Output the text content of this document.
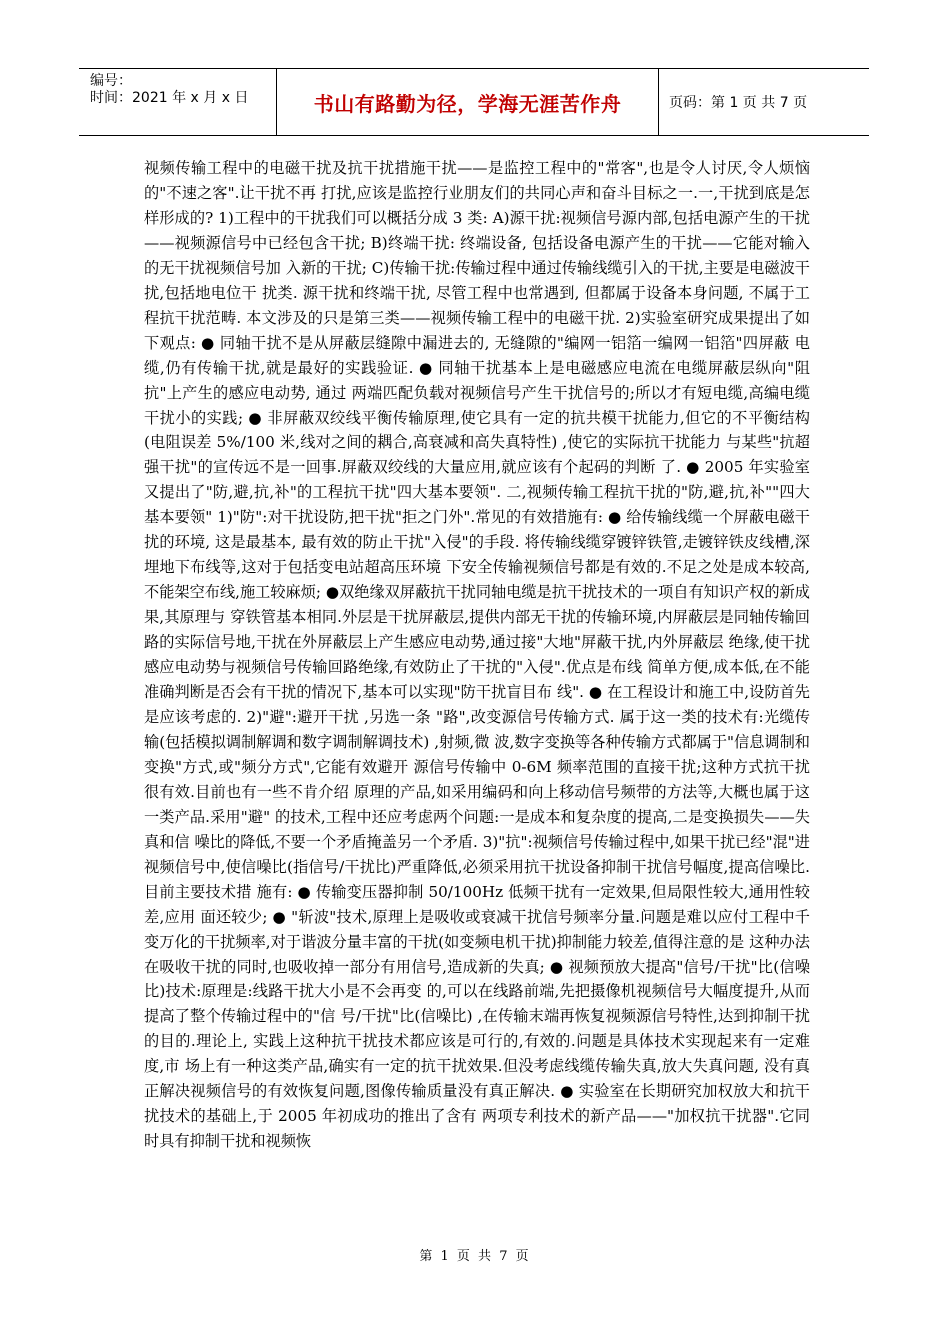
编号：
时间：2021 年 x 月 x 日	书山有路勤为径，学海无涯苦作舟	页码：第 1 页 共 7 页
视频传输工程中的电磁干扰及抗干扰措施干扰——是监控工程中的"常客",也是令人讨厌,令人烦恼的"不速之客".让干扰不再 打扰,应该是监控行业朋友们的共同心声和奋斗目标之一.一,干扰到底是怎样形成的? 1)工程中的干扰我们可以概括分成 3 类: A)源干扰:视频信号源内部,包括电源产生的干扰——视频源信号中已经包含干扰; B)终端干扰: 终端设备, 包括设备电源产生的干扰——它能对输入的无干扰视频信号加 入新的干扰; C)传输干扰:传输过程中通过传输线缆引入的干扰,主要是电磁波干扰,包括地电位干 扰类. 源干扰和终端干扰, 尽管工程中也常遇到, 但都属于设备本身问题, 不属于工程抗干扰范畴. 本文涉及的只是第三类——视频传输工程中的电磁干扰. 2)实验室研究成果提出了如下观点: ● 同轴干扰不是从屏蔽层缝隙中漏进去的, 无缝隙的"编网一铝箔一编网一铝箔"四屏蔽 电缆,仍有传输干扰,就是最好的实践验证. ● 同轴干扰基本上是电磁感应电流在电缆屏蔽层纵向"阻抗"上产生的感应电动势, 通过 两端匹配负载对视频信号产生干扰信号的;所以才有短电缆,高编电缆干扰小的实践; ● 非屏蔽双绞线平衡传输原理,使它具有一定的抗共模干扰能力,但它的不平衡结构(电阻误差 5%/100 米,线对之间的耦合,高衰减和高失真特性) ,使它的实际抗干扰能力 与某些"抗超强干扰"的宣传远不是一回事.屏蔽双绞线的大量应用,就应该有个起码的判断 了. ● 2005 年实验室又提出了"防,避,抗,补"的工程抗干扰"四大基本要领". 二,视频传输工程抗干扰的"防,避,抗,补""四大基本要领" 1)"防":对干扰设防,把干扰"拒之门外".常见的有效措施有: ● 给传输线缆一个屏蔽电磁干扰的环境, 这是最基本, 最有效的防止干扰"入侵"的手段. 将传输线缆穿镀锌铁管,走镀锌铁皮线槽,深埋地下布线等,这对于包括变电站超高压环境 下安全传输视频信号都是有效的.不足之处是成本较高,不能架空布线,施工较麻烦; ●双绝缘双屏蔽抗干扰同轴电缆是抗干扰技术的一项自有知识产权的新成果,其原理与 穿铁管基本相同.外层是干扰屏蔽层,提供内部无干扰的传输环境,内屏蔽层是同轴传输回 路的实际信号地,干扰在外屏蔽层上产生感应电动势,通过接"大地"屏蔽干扰,内外屏蔽层 绝缘,使干扰感应电动势与视频信号传输回路绝缘,有效防止了干扰的"入侵".优点是布线 简单方便,成本低,在不能准确判断是否会有干扰的情况下,基本可以实现"防干扰盲目布 线". ● 在工程设计和施工中,设防首先是应该考虑的. 2)"避":避开干扰 ,另选一条 "路",改变源信号传输方式. 属于这一类的技术有:光缆传输(包括模拟调制解调和数字调制解调技术) ,射频,微 波,数字变换等各种传输方式都属于"信息调制和变换"方式,或"频分方式",它能有效避开 源信号传输中 0-6M 频率范围的直接干扰;这种方式抗干扰很有效.目前也有一些不肯介绍 原理的产品,如采用编码和向上移动信号频带的方法等,大概也属于这一类产品.采用"避" 的技术,工程中还应考虑两个问题:一是成本和复杂度的提高,二是变换损失——失真和信 噪比的降低,不要一个矛盾掩盖另一个矛盾. 3)"抗":视频信号传输过程中,如果干扰已经"混"进视频信号中,使信噪比(指信号/干扰比)严重降低,必须采用抗干扰设备抑制干扰信号幅度,提高信噪比.目前主要技术措 施有: ● 传输变压器抑制 50/100Hz 低频干扰有一定效果,但局限性较大,通用性较差,应用 面还较少; ● "斩波"技术,原理上是吸收或衰减干扰信号频率分量.问题是难以应付工程中千变万化的干扰频率,对于谐波分量丰富的干扰(如变频电机干扰)抑制能力较差,值得注意的是 这种办法在吸收干扰的同时,也吸收掉一部分有用信号,造成新的失真; ● 视频预放大提高"信号/干扰"比(信噪比)技术:原理是:线路干扰大小是不会再变 的,可以在线路前端,先把摄像机视频信号大幅度提升,从而提高了整个传输过程中的"信 号/干扰"比(信噪比) ,在传输末端再恢复视频源信号特性,达到抑制干扰的目的.理论上, 实践上这种抗干扰技术都应该是可行的,有效的.问题是具体技术实现起来有一定难度,市 场上有一种这类产品,确实有一定的抗干扰效果.但没考虑线缆传输失真,放大失真问题, 没有真正解决视频信号的有效恢复问题,图像传输质量没有真正解决. ● 实验室在长期研究加权放大和抗干扰技术的基础上,于 2005 年初成功的推出了含有 两项专利技术的新产品——"加权抗干扰器".它同时具有抑制干扰和视频恢
第 1 页 共 7 页
